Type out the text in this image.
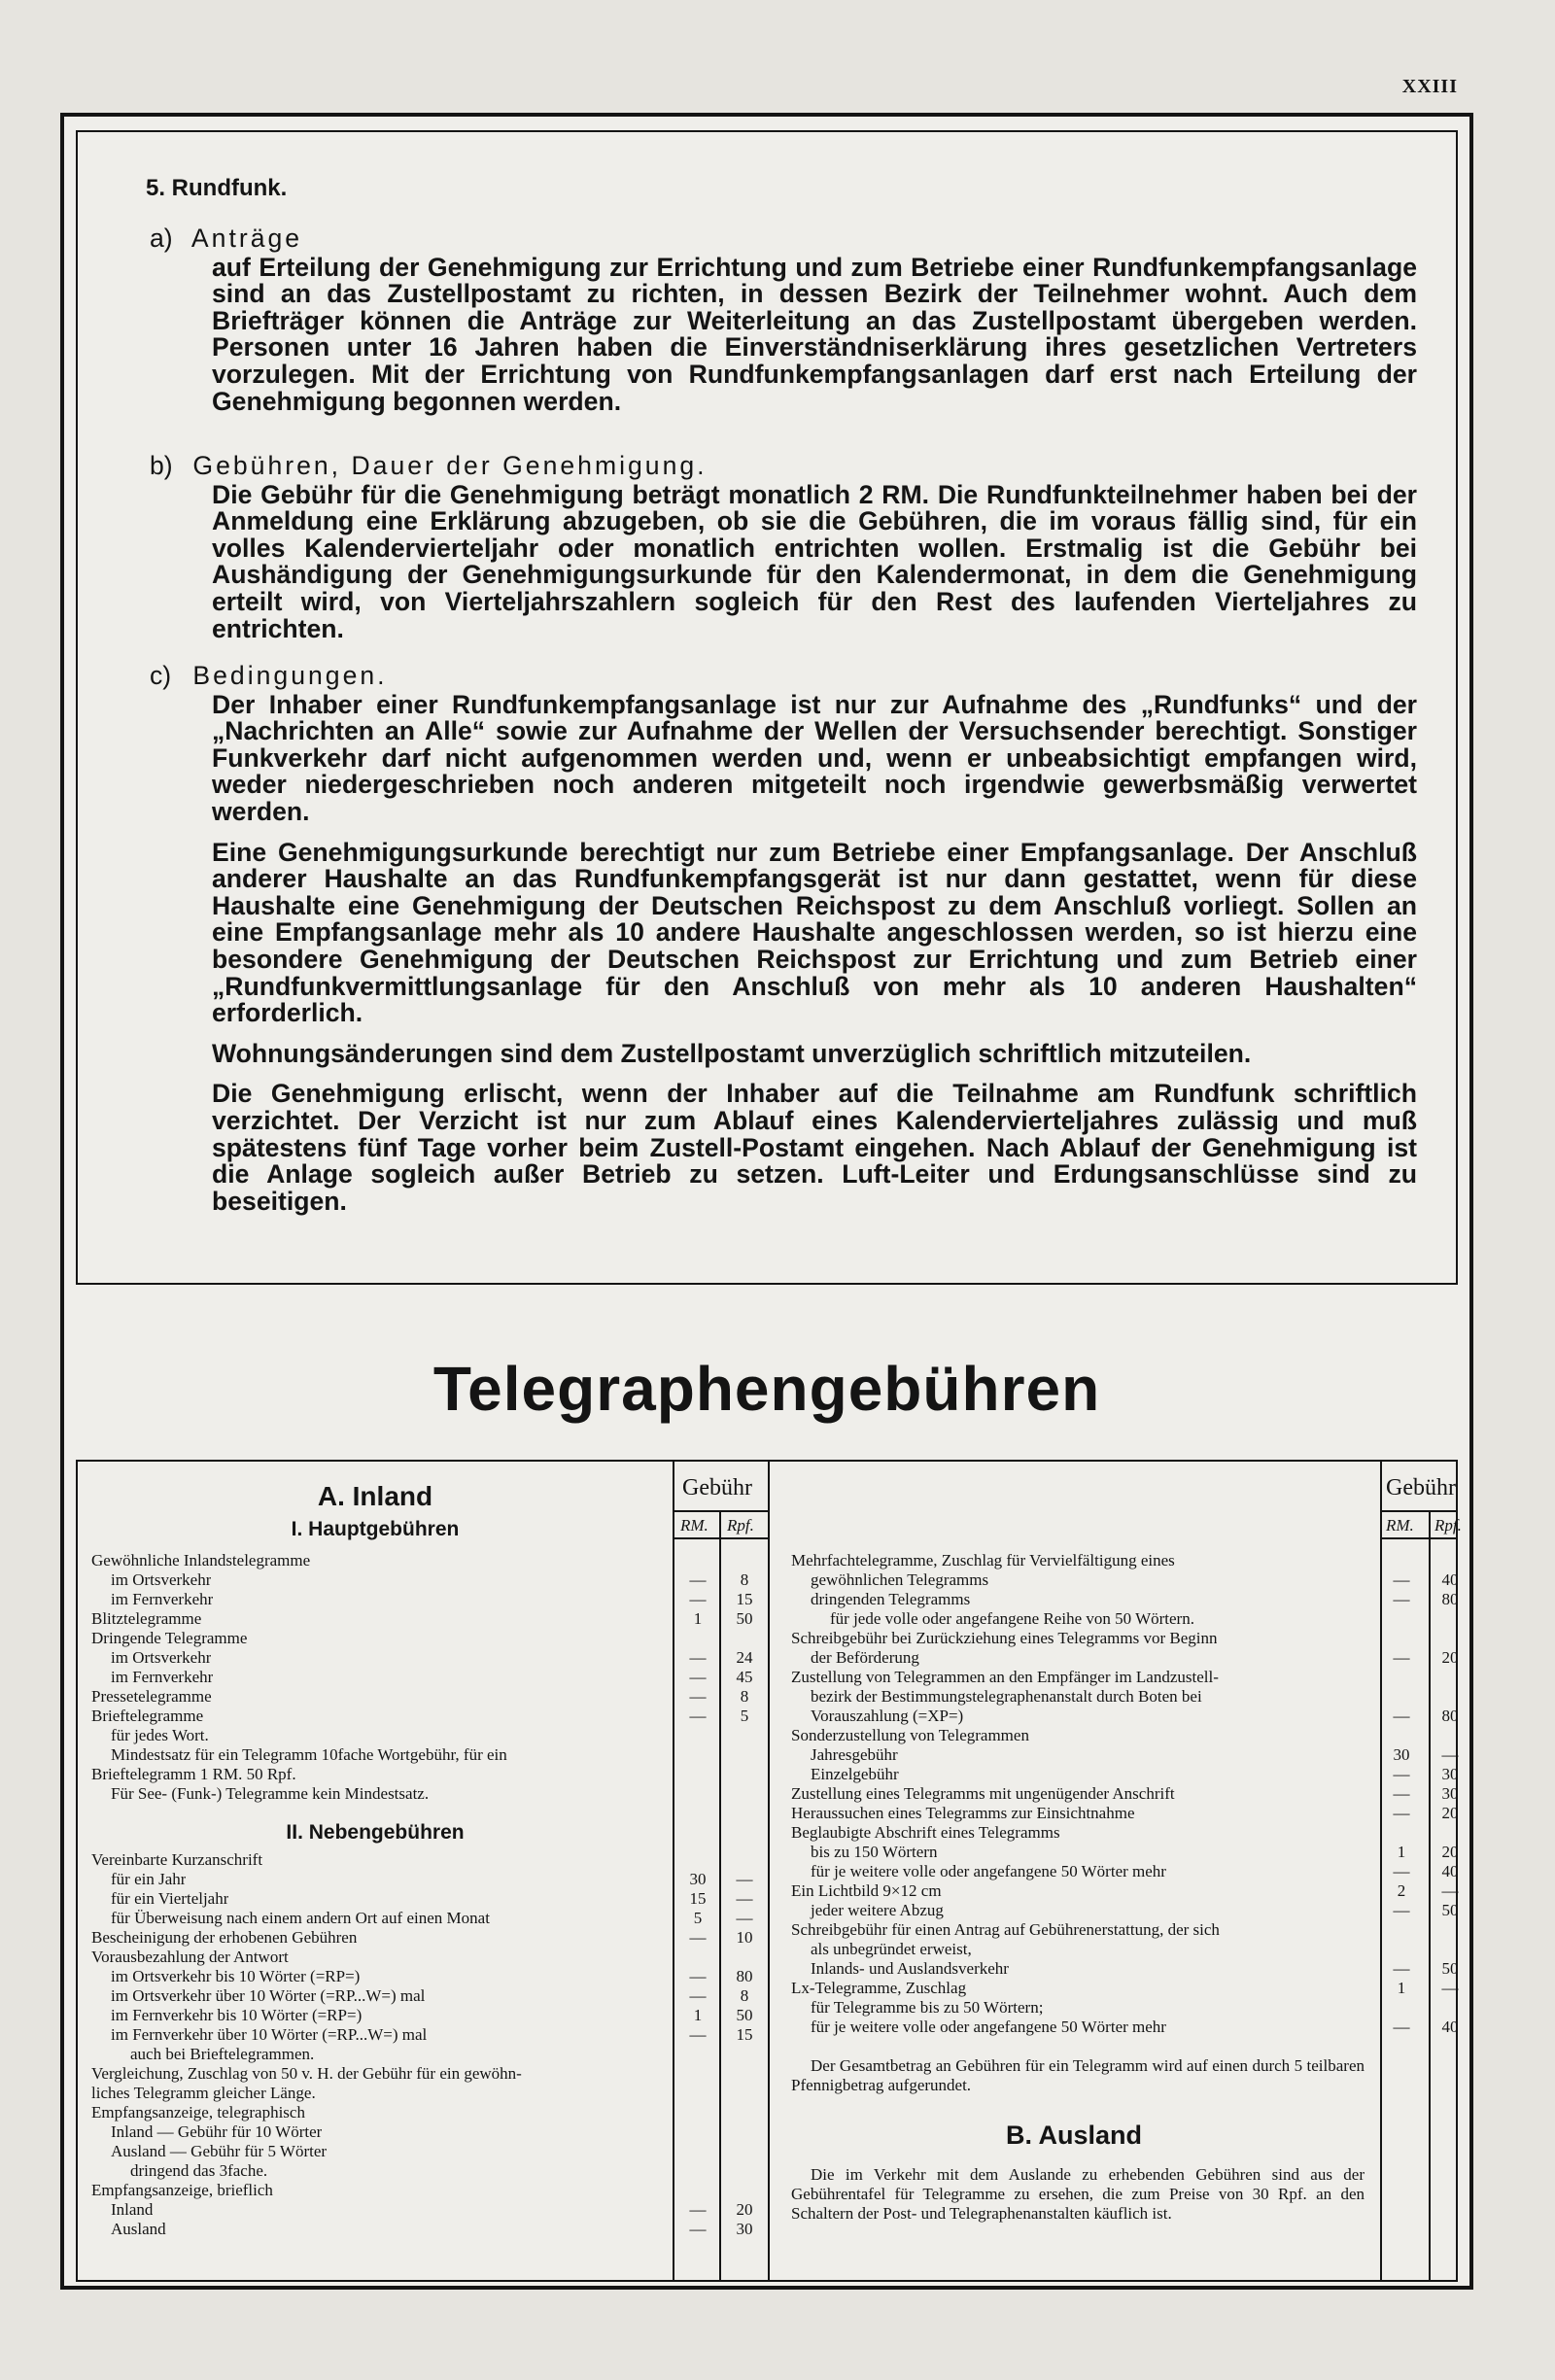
XXIII
5. Rundfunk.
a) Anträge

auf Erteilung der Genehmigung zur Errichtung und zum Betriebe einer Rundfunkempfangsanlage sind an das Zustellpostamt zu richten, in dessen Bezirk der Teilnehmer wohnt. Auch dem Briefträger können die Anträge zur Weiterleitung an das Zustellpostamt übergeben werden. Personen unter 16 Jahren haben die Einverständniserklärung ihres gesetzlichen Vertreters vorzulegen. Mit der Errichtung von Rundfunkempfangsanlagen darf erst nach Erteilung der Genehmigung begonnen werden.

b) Gebühren, Dauer der Genehmigung.

Die Gebühr für die Genehmigung beträgt monatlich 2 RM. Die Rundfunkteilnehmer haben bei der Anmeldung eine Erklärung abzugeben, ob sie die Gebühren, die im voraus fällig sind, für ein volles Kalendervierteljahr oder monatlich entrichten wollen. Erstmalig ist die Gebühr bei Aushändigung der Genehmigungsurkunde für den Kalendermonat, in dem die Genehmigung erteilt wird, von Vierteljahrszahlern sogleich für den Rest des laufenden Vierteljahres zu entrichten.

c) Bedingungen.

Der Inhaber einer Rundfunkempfangsanlage ist nur zur Aufnahme des „Rundfunks“ und der „Nachrichten an Alle“ sowie zur Aufnahme der Wellen der Versuchsender berechtigt. Sonstiger Funkverkehr darf nicht aufgenommen werden und, wenn er unbeabsichtigt empfangen wird, weder niedergeschrieben noch anderen mitgeteilt noch irgendwie gewerbsmäßig verwertet werden.

Eine Genehmigungsurkunde berechtigt nur zum Betriebe einer Empfangsanlage. Der Anschluß anderer Haushalte an das Rundfunkempfangsgerät ist nur dann gestattet, wenn für diese Haushalte eine Genehmigung der Deutschen Reichspost zu dem Anschluß vorliegt. Sollen an eine Empfangsanlage mehr als 10 andere Haushalte angeschlossen werden, so ist hierzu eine besondere Genehmigung der Deutschen Reichspost zur Errichtung und zum Betrieb einer „Rundfunkvermittlungsanlage für den Anschluß von mehr als 10 anderen Haushalten“ erforderlich.

Wohnungsänderungen sind dem Zustellpostamt unverzüglich schriftlich mitzuteilen.

Die Genehmigung erlischt, wenn der Inhaber auf die Teilnahme am Rundfunk schriftlich verzichtet. Der Verzicht ist nur zum Ablauf eines Kalendervierteljahres zulässig und muß spätestens fünf Tage vorher beim Zustell-Postamt eingehen. Nach Ablauf der Genehmigung ist die Anlage sogleich außer Betrieb zu setzen. Luft-Leiter und Erdungsanschlüsse sind zu beseitigen.

Telegraphengebühren
Gebühr
RM. Rpf.
Gebühr
RM. Rpf.
A. Inland
I. Hauptgebühren
Gewöhnliche Inlandstelegramme
im Ortsverkehr	—	8
im Fernverkehr	—	15
Blitztelegramme	1	50
Dringende Telegramme
im Ortsverkehr	—	24
im Fernverkehr	—	45
Pressetelegramme	—	8
Brieftelegramme	—	5
für jedes Wort.
Mindestsatz für ein Telegramm 10fache Wortgebühr, für ein
Brieftelegramm 1 RM. 50 Rpf.
Für See- (Funk-) Telegramme kein Mindestsatz.
II. Nebengebühren
Vereinbarte Kurzanschrift
für ein Jahr	30	—
für ein Vierteljahr	15	—
für Überweisung nach einem andern Ort auf einen Monat	5	—
Bescheinigung der erhobenen Gebühren	—	10
Vorausbezahlung der Antwort
im Ortsverkehr bis 10 Wörter (=RP=)	—	80
im Ortsverkehr über 10 Wörter (=RP...W=) mal	—	8
im Fernverkehr bis 10 Wörter (=RP=)	1	50
im Fernverkehr über 10 Wörter (=RP...W=) mal	—	15
auch bei Brieftelegrammen.
Vergleichung, Zuschlag von 50 v. H. der Gebühr für ein gewöhn-
liches Telegramm gleicher Länge.
Empfangsanzeige, telegraphisch
Inland — Gebühr für 10 Wörter
Ausland — Gebühr für 5 Wörter
dringend das 3fache.
Empfangsanzeige, brieflich
Inland	—	20
Ausland	—	30
Mehrfachtelegramme, Zuschlag für Vervielfältigung eines
gewöhnlichen Telegramms	—	40
dringenden Telegramms	—	80
für jede volle oder angefangene Reihe von 50 Wörtern.
Schreibgebühr bei Zurückziehung eines Telegramms vor Beginn
der Beförderung	—	20
Zustellung von Telegrammen an den Empfänger im Landzustell-
bezirk der Bestimmungstelegraphenanstalt durch Boten bei
Vorauszahlung (=XP=)	—	80
Sonderzustellung von Telegrammen
Jahresgebühr	30	—
Einzelgebühr	—	30
Zustellung eines Telegramms mit ungenügender Anschrift	—	30
Heraussuchen eines Telegramms zur Einsichtnahme	—	20
Beglaubigte Abschrift eines Telegramms
bis zu 150 Wörtern	1	20
für je weitere volle oder angefangene 50 Wörter mehr	—	40
Ein Lichtbild 9×12 cm	2	—
jeder weitere Abzug	—	50
Schreibgebühr für einen Antrag auf Gebührenerstattung, der sich
als unbegründet erweist,
Inlands- und Auslandsverkehr	—	50
Lx-Telegramme, Zuschlag	1	—
für Telegramme bis zu 50 Wörtern;
für je weitere volle oder angefangene 50 Wörter mehr	—	40
Der Gesamtbetrag an Gebühren für ein Telegramm wird auf einen durch 5 teilbaren Pfennigbetrag aufgerundet.
B. Ausland
Die im Verkehr mit dem Auslande zu erhebenden Gebühren sind aus der Gebührentafel für Telegramme zu ersehen, die zum Preise von 30 Rpf. an den Schaltern der Post- und Telegraphenanstalten käuflich ist.
